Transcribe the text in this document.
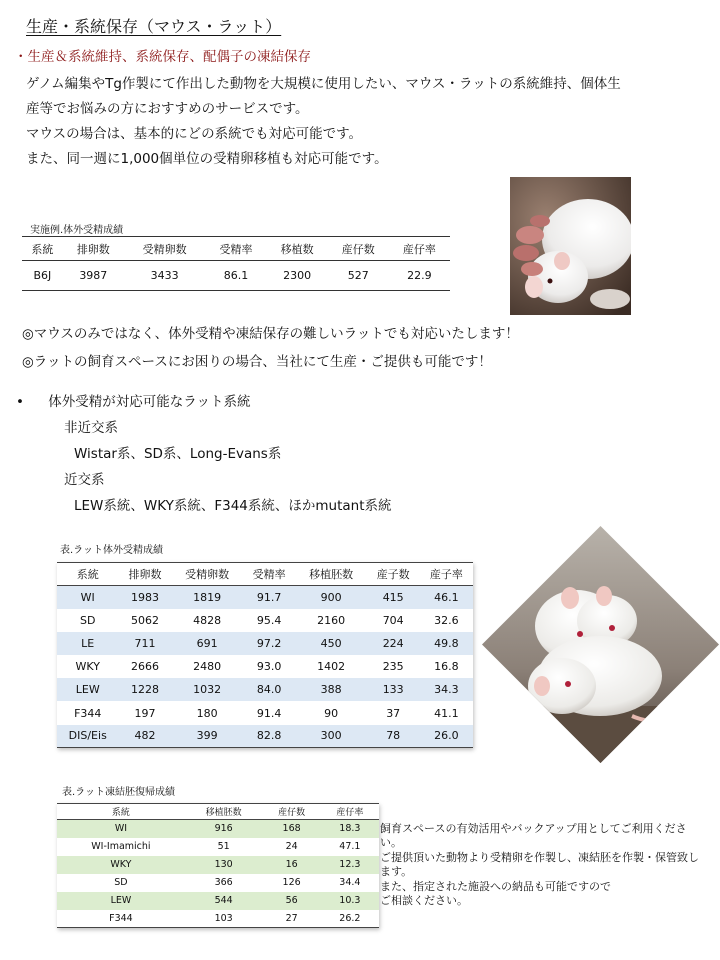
生産・系統保存（マウス・ラット）
・生産＆系統維持、系統保存、配偶子の凍結保存

ゲノム編集やTg作製にて作出した動物を大規模に使用したい、マウス・ラットの系統維持、個体生

産等でお悩みの方におすすめのサービスです。

マウスの場合は、基本的にどの系統でも対応可能です。

また、同一週に1,000個単位の受精卵移植も対応可能です。

実施例.体外受精成績
系統	排卵数	受精卵数	受精率	移植数	産仔数	産仔率
B6J	3987	3433	86.1	2300	527	22.9
◎マウスのみではなく、体外受精や凍結保存の難しいラットでも対応いたします！
◎ラットの飼育スペースにお困りの場合、当社にて生産・ご提供も可能です！
• 体外受精が対応可能なラット系統
非近交系
Wistar系、SD系、Long-Evans系
近交系
LEW系統、WKY系統、F344系統、ほかmutant系統
表.ラット体外受精成績
系統	排卵数	受精卵数	受精率	移植胚数	産子数	産子率
WI	1983	1819	91.7	900	415	46.1
SD	5062	4828	95.4	2160	704	32.6
LE	711	691	97.2	450	224	49.8
WKY	2666	2480	93.0	1402	235	16.8
LEW	1228	1032	84.0	388	133	34.3
F344	197	180	91.4	90	37	41.1
DIS/Eis	482	399	82.8	300	78	26.0
表.ラット凍結胚復帰成績
系統	移植胚数	産仔数	産仔率
WI	916	168	18.3
WI-Imamichi	51	24	47.1
WKY	130	16	12.3
SD	366	126	34.4
LEW	544	56	10.3
F344	103	27	26.2
飼育スペースの有効活用やバックアップ用としてご利用ください。
ご提供頂いた動物より受精卵を作製し、凍結胚を作製・保管致します。
また、指定された施設への納品も可能ですので
ご相談ください。
